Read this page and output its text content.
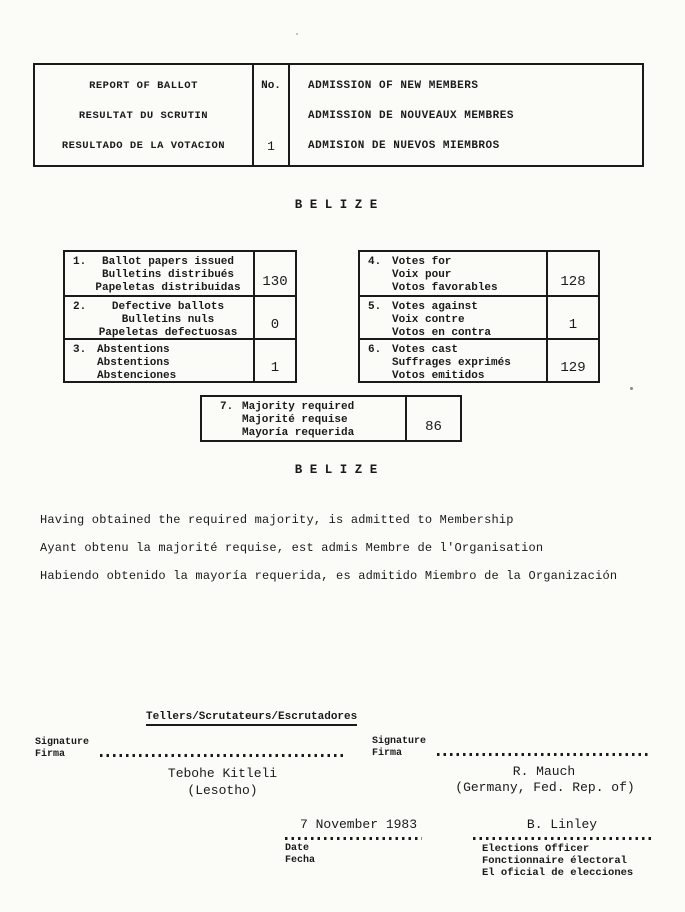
REPORT OF BALLOT
RESULTAT DU SCRUTIN
RESULTADO DE LA VOTACION
No.
1
ADMISSION OF NEW MEMBERS
ADMISSION DE NOUVEAUX MEMBRES
ADMISION DE NUEVOS MIEMBROS
B E L I Z E
1.	Ballot papers issued
Bulletins distribués
Papeletas distribuidas	130
2.	Defective ballots
Bulletins nuls
Papeletas defectuosas	0
3. Abstentions
Abstentions
Abstenciones	1
4. Votes for
Voix pour
Votos favorables	128
5. Votes against
Voix contre
Votos en contra	1
6. Votes cast
Suffrages exprimés
Votos emitidos	129
7. Majority required
Majorité requise
Mayoría requerida	86
B E L I Z E
Having obtained the required majority, is admitted to Membership
Ayant obtenu la majorité requise, est admis Membre de l'Organisation
Habiendo obtenido la mayoría requerida, es admitido Miembro de la Organización
Tellers/Scrutateurs/Escrutadores
Signature
Firma
Tebohe Kitleli
(Lesotho)
Signature
Firma
R. Mauch
(Germany, Fed. Rep. of)
7 November 1983
Date
Fecha
B. Linley
Elections Officer
Fonctionnaire électoral
El oficial de elecciones
